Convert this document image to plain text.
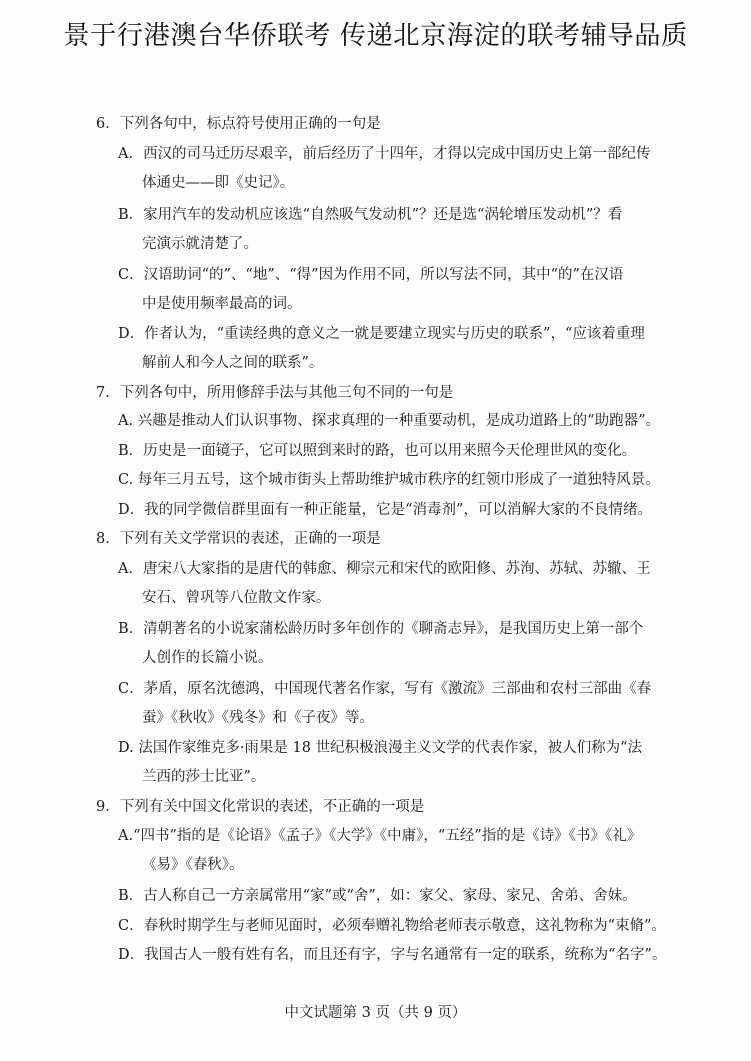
景于行港澳台华侨联考 传递北京海淀的联考辅导品质
6．下列各句中，标点符号使用正确的一句是
A．西汉的司马迁历尽艰辛，前后经历了十四年，才得以完成中国历史上第一部纪传
体通史——即《史记》。
B．家用汽车的发动机应该选“自然吸气发动机”？还是选“涡轮增压发动机”？看
完演示就清楚了。
C．汉语助词“的”、“地”、“得”因为作用不同，所以写法不同，其中“的”在汉语
中是使用频率最高的词。
D．作者认为，“重读经典的意义之一就是要建立现实与历史的联系”，“应该着重理
解前人和今人之间的联系”。
7．下列各句中，所用修辞手法与其他三句不同的一句是
A. 兴趣是推动人们认识事物、探求真理的一种重要动机，是成功道路上的“助跑器”。
B．历史是一面镜子，它可以照到来时的路，也可以用来照今天伦理世风的变化。
C. 每年三月五号，这个城市街头上帮助维护城市秩序的红领巾形成了一道独特风景。
D．我的同学微信群里面有一种正能量，它是“消毒剂”，可以消解大家的不良情绪。
8．下列有关文学常识的表述，正确的一项是
A．唐宋八大家指的是唐代的韩愈、柳宗元和宋代的欧阳修、苏洵、苏轼、苏辙、王
安石、曾巩等八位散文作家。
B．清朝著名的小说家蒲松龄历时多年创作的《聊斋志异》，是我国历史上第一部个
人创作的长篇小说。
C．茅盾，原名沈德鸿，中国现代著名作家，写有《激流》三部曲和农村三部曲《春
蚕》《秋收》《残冬》和《子夜》等。
D. 法国作家维克多·雨果是 18 世纪积极浪漫主义文学的代表作家，被人们称为“法
兰西的莎士比亚”。
9．下列有关中国文化常识的表述，不正确的一项是
A.“四书”指的是《论语》《孟子》《大学》《中庸》，“五经”指的是《诗》《书》《礼》
《易》《春秋》。
B．古人称自己一方亲属常用“家”或“舍”，如：家父、家母、家兄、舍弟、舍妹。
C．春秋时期学生与老师见面时，必须奉赠礼物给老师表示敬意，这礼物称为“束脩”。
D．我国古人一般有姓有名，而且还有字，字与名通常有一定的联系，统称为“名字”。
中文试题第 3 页（共 9 页）
